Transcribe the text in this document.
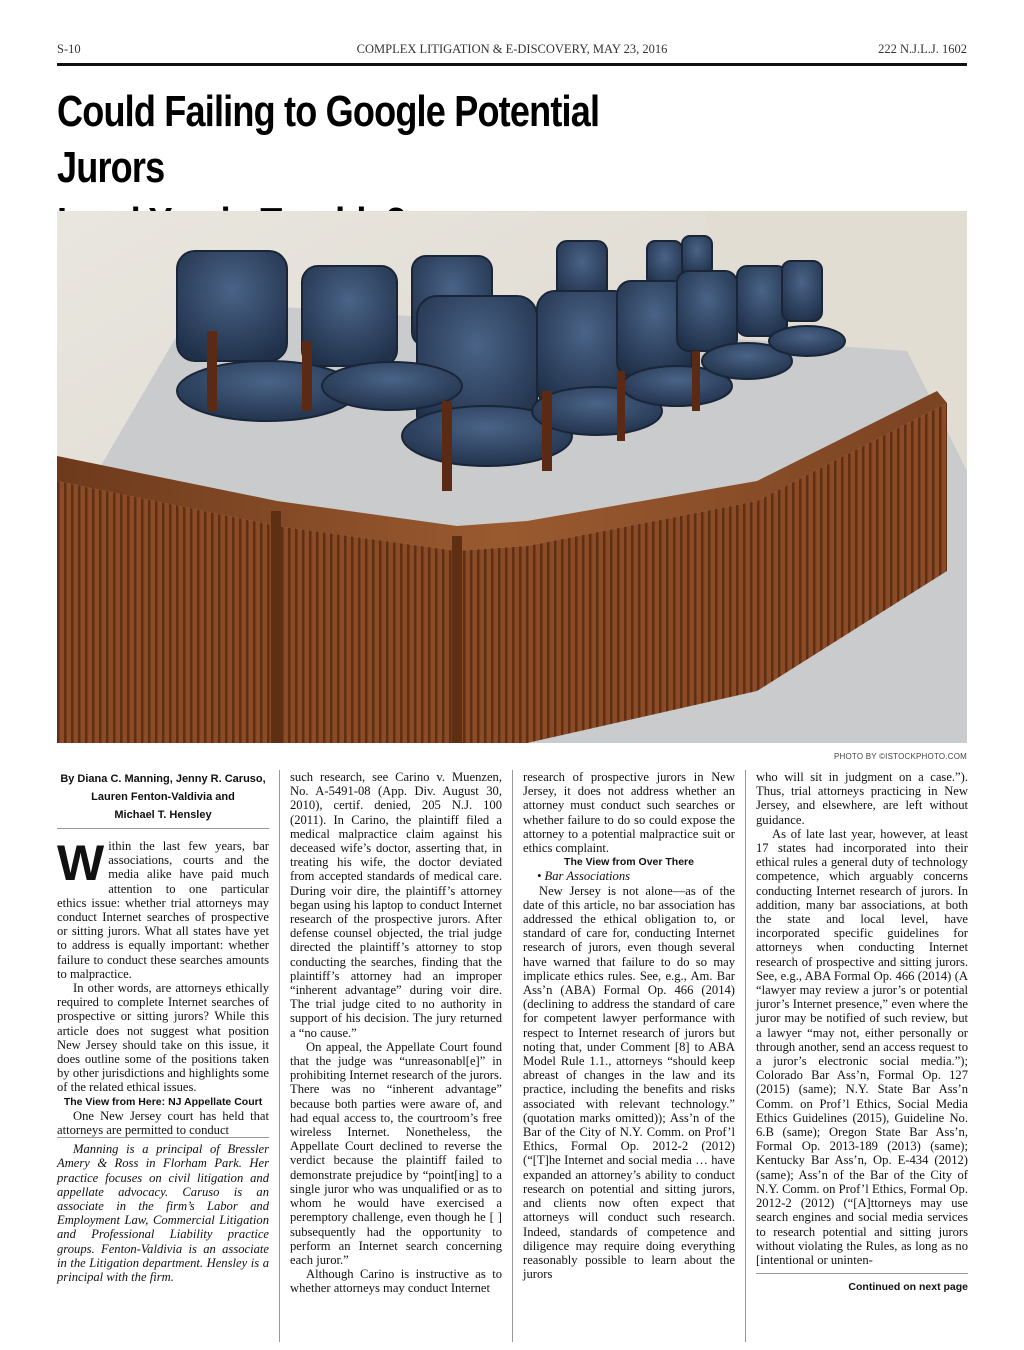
S-10	COMPLEX LITIGATION & E-DISCOVERY, MAY 23, 2016	222 N.J.L.J. 1602
Could Failing to Google Potential Jurors

PHOTO BY ©ISTOCKPHOTO.COM
By Diana C. Manning, Jenny R. Caruso,
Lauren Fenton-Valdivia and
Michael T. Hensley

Within the last few years, bar associations, courts and the media alike have paid much attention to one particular ethics issue: whether trial attorneys may conduct Internet searches of prospective or sitting jurors. What all states have yet to address is equally important: whether failure to conduct these searches amounts to malpractice.

In other words, are attorneys ethically required to complete Internet searches of prospective or sitting jurors? While this article does not suggest what position New Jersey should take on this issue, it does outline some of the positions taken by other jurisdictions and highlights some of the related ethical issues.

The View from Here: NJ Appellate Court

One New Jersey court has held that attorneys are permitted to conduct

Manning is a principal of Bressler Amery & Ross in Florham Park. Her practice focuses on civil litigation and appellate advocacy. Caruso is an associate in the firm’s Labor and Employment Law, Commercial Litigation and Professional Liability practice groups. Fenton-Valdivia is an associate in the Litigation department. Hensley is a principal with the firm.

such research, see Carino v. Muenzen, No. A-5491-08 (App. Div. August 30, 2010), certif. denied, 205 N.J. 100 (2011). In Carino, the plaintiff filed a medical malpractice claim against his deceased wife’s doctor, asserting that, in treating his wife, the doctor deviated from accepted standards of medical care. During voir dire, the plaintiff’s attorney began using his laptop to conduct Internet research of the prospective jurors. After defense counsel objected, the trial judge directed the plaintiff’s attorney to stop conducting the searches, finding that the plaintiff’s attorney had an improper “inherent advantage” during voir dire. The trial judge cited to no authority in support of his decision. The jury returned a “no cause.”

On appeal, the Appellate Court found that the judge was “unreasonabl[e]” in prohibiting Internet research of the jurors. There was no “inherent advantage” because both parties were aware of, and had equal access to, the courtroom’s free wireless Internet. Nonetheless, the Appellate Court declined to reverse the verdict because the plaintiff failed to demonstrate prejudice by “point[ing] to a single juror who was unqualified or as to whom he would have exercised a peremptory challenge, even though he [ ] subsequently had the opportunity to perform an Internet search concerning each juror.”

Although Carino is instructive as to whether attorneys may conduct Internet

research of prospective jurors in New Jersey, it does not address whether an attorney must conduct such searches or whether failure to do so could expose the attorney to a potential malpractice suit or ethics complaint.

The View from Over There

• Bar Associations

New Jersey is not alone—as of the date of this article, no bar association has addressed the ethical obligation to, or standard of care for, conducting Internet research of jurors, even though several have warned that failure to do so may implicate ethics rules. See, e.g., Am. Bar Ass’n (ABA) Formal Op. 466 (2014) (declining to address the standard of care for competent lawyer performance with respect to Internet research of jurors but noting that, under Comment [8] to ABA Model Rule 1.1., attorneys “should keep abreast of changes in the law and its practice, including the benefits and risks associated with relevant technology.” (quotation marks omitted)); Ass’n of the Bar of the City of N.Y. Comm. on Prof’l Ethics, Formal Op. 2012-2 (2012) (“[T]he Internet and social media … have expanded an attorney’s ability to conduct research on potential and sitting jurors, and clients now often expect that attorneys will conduct such research. Indeed, standards of competence and diligence may require doing everything reasonably possible to learn about the jurors

who will sit in judgment on a case.”). Thus, trial attorneys practicing in New Jersey, and elsewhere, are left without guidance.

As of late last year, however, at least 17 states had incorporated into their ethical rules a general duty of technology competence, which arguably concerns conducting Internet research of jurors. In addition, many bar associations, at both the state and local level, have incorporated specific guidelines for attorneys when conducting Internet research of prospective and sitting jurors. See, e.g., ABA Formal Op. 466 (2014) (A “lawyer may review a juror’s or potential juror’s Internet presence,” even where the juror may be notified of such review, but a lawyer “may not, either personally or through another, send an access request to a juror’s electronic social media.”); Colorado Bar Ass’n, Formal Op. 127 (2015) (same); N.Y. State Bar Ass’n Comm. on Prof’l Ethics, Social Media Ethics Guidelines (2015), Guideline No. 6.B (same); Oregon State Bar Ass’n, Formal Op. 2013-189 (2013) (same); Kentucky Bar Ass’n, Op. E-434 (2012) (same); Ass’n of the Bar of the City of N.Y. Comm. on Prof’l Ethics, Formal Op. 2012-2 (2012) (“[A]ttorneys may use search engines and social media services to research potential and sitting jurors without violating the Rules, as long as no [intentional or uninten-

Continued on next page
